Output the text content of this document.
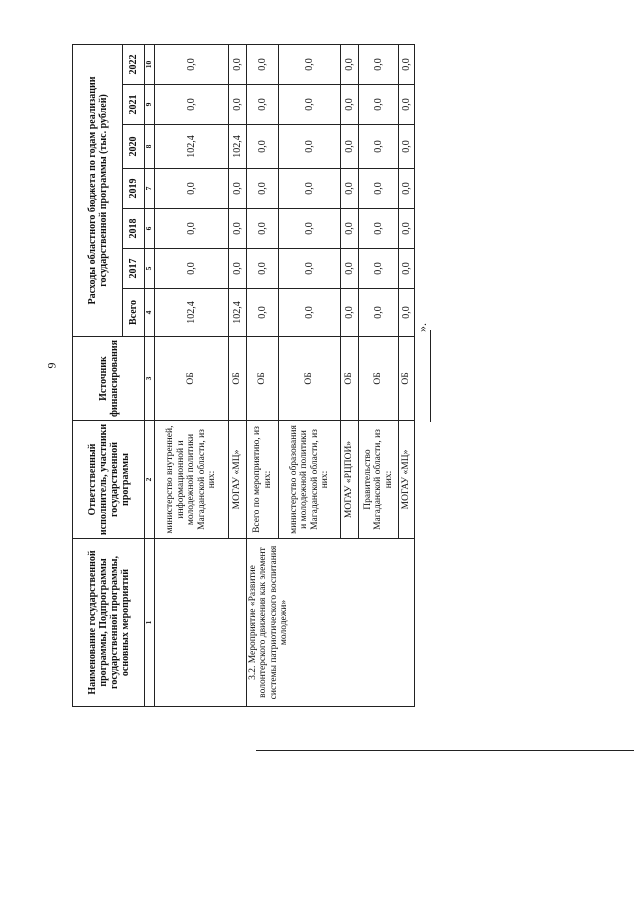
9
Наименование государственной программы, Подпрограммы государственной программы, основных мероприятий	Ответственный исполнитель, участники государственной программы	Источник финансирования	Расходы областного бюджета по годам реализации государственной программы (тыс. рублей)						
			Всего	2017	2018	2019	2020	2021	2022
1	2	3	4	5	6	7	8	9	10
	министерство внутренней, информационной и молодежной политики Магаданской области, из них:	ОБ	102,4	0,0	0,0	0,0	102,4	0,0	0,0
	МОГАУ «МЦ»	ОБ	102,4	0,0	0,0	0,0	102,4	0,0	0,0
3.2. Мероприятие «Развитие волонтерского движения как элемент системы патриотического воспитания молодежи»	Всего по мероприятию, из них:	ОБ	0,0	0,0	0,0	0,0	0,0	0,0	0,0
	министерство образования и молодежной политики Магаданской области, из них:	ОБ	0,0	0,0	0,0	0,0	0,0	0,0	0,0
	МОГАУ «РЦПОИ»	ОБ	0,0	0,0	0,0	0,0	0,0	0,0	0,0
	Правительство Магаданской области, из них:	ОБ	0,0	0,0	0,0	0,0	0,0	0,0	0,0
	МОГАУ «МЦ»	ОБ	0,0	0,0	0,0	0,0	0,0	0,0	0,0
».
